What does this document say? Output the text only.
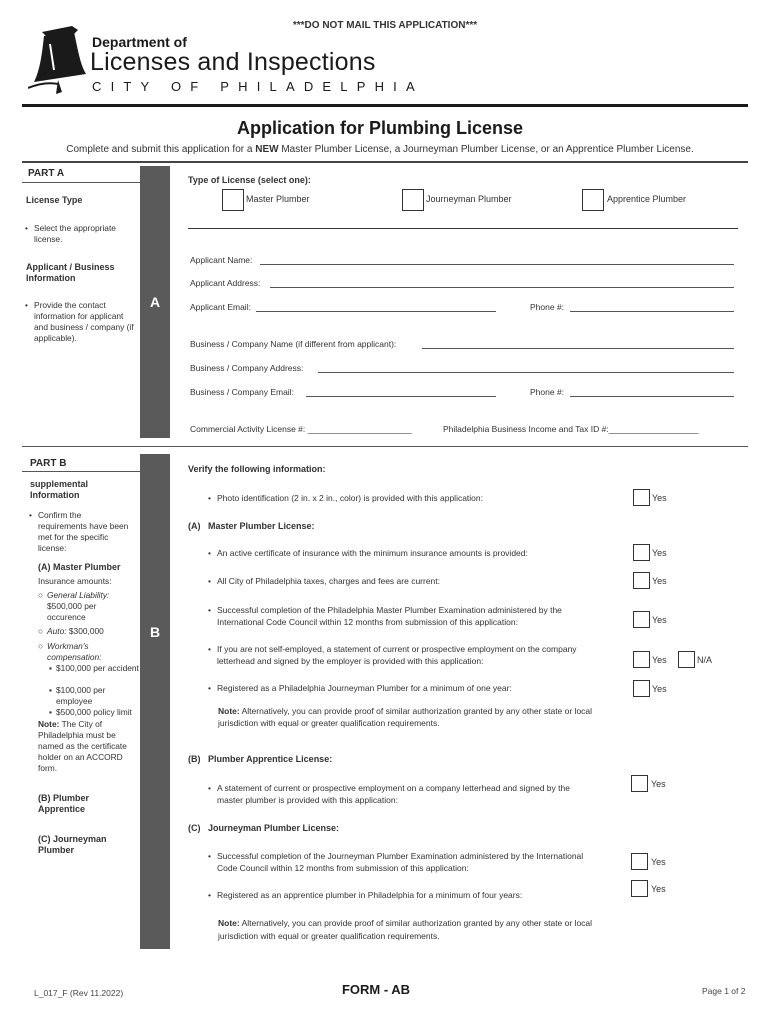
***DO NOT MAIL THIS APPLICATION***
Department of
Licenses and Inspections
CITY OF PHILADELPHIA
Application for Plumbing License
Complete and submit this application for a NEW Master Plumber License, a Journeyman Plumber License, or an Apprentice Plumber License.
PART A
License Type
• Select the appropriate license.
Applicant / Business Information
• Provide the contact information for applicant and business / company (if applicable).
A
Type of License (select one):
Master Plumber	Journeyman Plumber	Apprentice Plumber
Applicant Name:
Applicant Address:
Applicant Email:	Phone #:
Business / Company Name (if different from applicant):
Business / Company Address:
Business / Company Email:	Phone #:
Commercial Activity License #: ______________________	Philadelphia Business Income and Tax ID #:___________________
PART B
supplemental Information
• Confirm the requirements have been met for the specific license:
(A) Master Plumber
Insurance amounts:
○ General Liability:
$500,000 per occurence
○ Auto: $300,000
○ Workman's compensation:
▪ $100,000 per accident
▪ $100,000 per employee
▪ $500,000 policy limit
Note: The City of Philadelphia must be named as the certificate holder on an ACCORD form.
(B) Plumber Apprentice
(C) Journeyman Plumber
B
Verify the following information:
• Photo identification (2 in. x 2 in., color) is provided with this application:	Yes
(A)   Master Plumber License:
• An active certificate of insurance with the minimum insurance amounts is provided:	Yes
• All City of Philadelphia taxes, charges and fees are current:	Yes
• Successful completion of the Philadelphia Master Plumber Examination administered by the International Code Council within 12 months from submission of this application:	Yes
• If you are not self-employed, a statement of current or prospective employment on the company letterhead and signed by the employer is provided with this application:	Yes	N/A
• Registered as a Philadelphia Journeyman Plumber for a minimum of one year:	Yes
Note: Alternatively, you can provide proof of similar authorization granted by any other state or local jurisdiction with equal or greater qualification requirements.
(B)   Plumber Apprentice License:
• A statement of current or prospective employment on a company letterhead and signed by the master plumber is provided with this application:
Yes
(C)   Journeyman Plumber License:
• Successful completion of the Journeyman Plumber Examination administered by the International Code Council within 12 months from submission of this application:
Yes
• Registered as an apprentice plumber in Philadelphia for a minimum of four years:
Yes
Note: Alternatively, you can provide proof of similar authorization granted by any other state or local jurisdiction with equal or greater qualification requirements.
L_017_F (Rev 11.2022)	FORM - AB	Page 1 of 2
